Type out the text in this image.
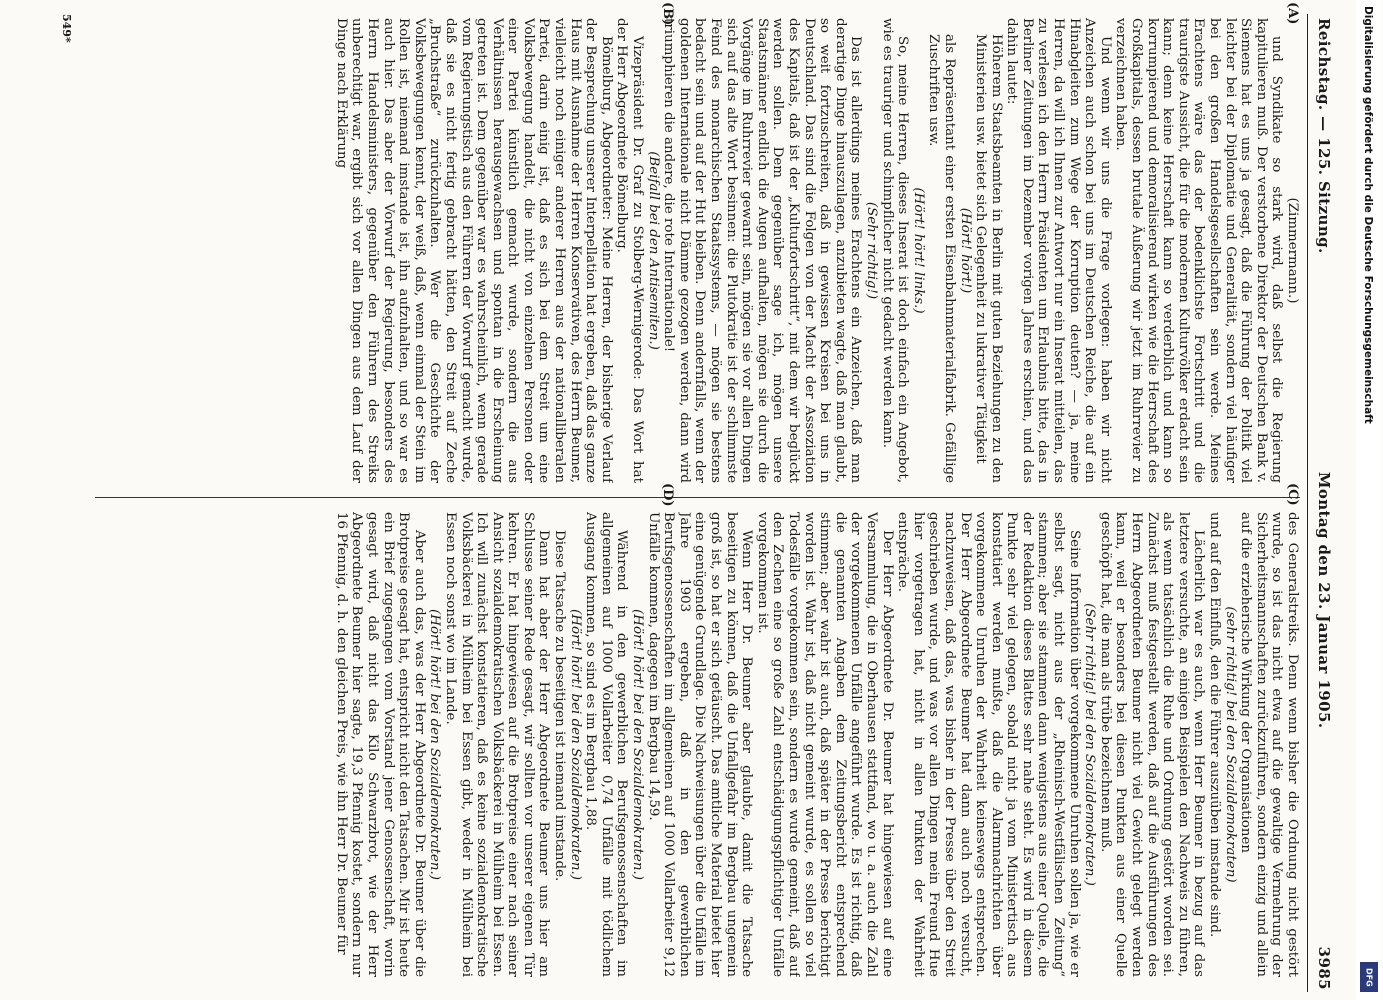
Reichstag. — 125. Sitzung.
Montag den 23. Januar 1905.
3985

(Zimmermann.)

und Syndikate so stark wird, daß selbst die Regierung kapitulieren muß. Der verstorbene Direktor der Deutschen Bank v. Siemens hat es uns ja gesagt, daß die Führung der Politik viel leichter bei der Diplomatie und Generalität, sondern viel häufiger bei den großen Handelsgesellschaften sein werde. Meines Erachtens wäre das der bedenklichste Fortschritt und die traurigste Aussicht, die für die modernen Kulturvölker erdacht sein kann; denn keine Herrschaft kann so verderblich und kann so korrumpierend und demoralisierend wirken wie die Herrschaft des Großkapitals, dessen brutale Äußerung wir jetzt im Ruhrrevier zu verzeichnen haben.

Und wenn wir uns die Frage vorlegen: haben wir nicht Anzeichen auch schon bei uns im Deutschen Reiche, die auf ein Hinabgleiten zum Wege der Korruption deuten? — ja, meine Herren, da will ich Ihnen zur Antwort nur ein Inserat mitteilen, das zu verlesen ich den Herrn Präsidenten um Erlaubnis bitte, das in Berliner Zeitungen im Dezember vorigen Jahres erschien, und das dahin lautet:

Höherem Staatsbeamten in Berlin mit guten Beziehungen zu den Ministerien usw. bietet sich Gelegenheit zu lukrativer Tätigkeit

(Hört! hört!)

als Repräsentant einer ersten Eisenbahnmaterialfabrik. Gefällige Zuschriften usw.

(Hört! hört! links.)

So, meine Herren, dieses Inserat ist doch einfach ein Angebot, wie es trauriger und schimpflicher nicht gedacht werden kann.

(Sehr richtig!)

Das ist allerdings meines Erachtens ein Anzeichen, daß man derartige Dinge hinauszulagen, anzubieten wagte, daß man glaubt, so weit fortzuschreiten, daß in gewissen Kreisen bei uns in Deutschland. Das sind die Folgen von der Macht der Assoziation des Kapitals, daß ist der „Kulturfortschritt“, mit dem wir beglückt werden sollen. Dem gegenüber sage ich, mögen unsere Staatsmänner endlich die Augen aufhalten, mögen sie durch die Vorgänge im Ruhrrevier gewarnt sein, mögen sie vor allen Dingen sich auf das alte Wort besinnen: die Plutokratie ist der schlimmste Feind des monarchischen Staatssystems, — mögen sie bestens bedacht sein und auf der Hut bleiben. Denn andernfalls, wenn der goldenen Internationale nicht Dämme gezogen werden, dann wird triumphieren die andere, die rote Internationale!

(Beifall bei den Antisemiten.)

Vizepräsident Dr. Graf zu Stolberg-Wernigerode: Das Wort hat der Herr Abgeordnete Bömelburg.

Bömelburg, Abgeordneter: Meine Herren, der bisherige Verlauf der Besprechung unserer Interpellation hat ergeben, daß das ganze Haus mit Ausnahme der Herren Konservativen, des Herrn Beumer, vielleicht noch einiger anderer Herren aus der nationalliberalen Partei, darin einig ist, daß es sich bei dem Streit um eine Volksbewegung handelt, die nicht von einzelnen Personen oder einer Partei künstlich gemacht wurde, sondern die aus Verhältnissen herausgewachsen und spontan in die Erscheinung getreten ist. Dem gegenüber war es wahrscheinlich, wenn gerade vom Regierungstisch aus den Führern der Vorwurf gemacht wurde, daß sie es nicht fertig gebracht hätten, den Streit auf Zeche „Bruchstraße“ zurückzuhalten. Wer die Geschichte der Volksbewegungen kennt, der weiß, daß, wenn einmal der Stein im Rollen ist, niemand imstande ist, ihn aufzuhalten, und so war es auch hier. Das aber der Vorwurf der Regierung, besonders des Herrn Handelsministers, gegenüber den Führern des Streiks unberechtigt war, ergibt sich vor allen Dingen aus dem Lauf der Dinge nach Erklärung

des Generalstreiks. Denn wenn bisher die Ordnung nicht gestört wurde, so ist das nicht etwa auf die gewaltige Vermehrung der Sicherheitsmannschaften zurückzuführen, sondern einzig und allein auf die erzieherische Wirkung der Organisationen

(sehr richtig! bei den Sozialdemokraten)

und auf den Einfluß, den die Führer auszuüben imstande sind.

Lächerlich war es auch, wenn Herr Beumer in bezug auf das letztere versuchte, an einigen Beispielen den Nachweis zu führen, als wenn tatsächlich die Ruhe und Ordnung gestört worden sei. Zunächst muß festgestellt werden, daß auf die Ausführungen des Herrn Abgeordneten Beumer nicht viel Gewicht gelegt werden kann, weil er besonders bei diesen Punkten aus einer Quelle geschöpft hat, die man als trübe bezeichnen muß.

(Sehr richtig! bei den Sozialdemokraten.)

Seine Information über vorgekommene Unruhen sollen ja, wie er selbst sagt, nicht aus der „Rheinisch-Westfälischen Zeitung“ stammen; aber sie stammen dann wenigstens aus einer Quelle, die der Redaktion dieses Blattes sehr nahe steht. Es wird in diesem Punkte sehr viel gelogen, sobald nicht ja vom Ministertisch aus konstatiert werden mußte, daß die Alarmnachrichten über vorgekommene Unruhen der Wahrheit keineswegs entsprechen. Der Herr Abgeordnete Beumer hat dann auch noch versucht, nachzuweisen, daß das, was bisher in der Presse über den Streit geschrieben wurde, und was vor allen Dingen mein Freund Hue hier vorgetragen hat, nicht in allen Punkten der Wahrheit entspräche.

Der Herr Abgeordnete Dr. Beumer hat hingewiesen auf eine Versammlung, die in Oberhausen stattfand, wo u. a. auch die Zahl der vorgekommenen Unfälle angeführt wurde. Es ist richtig, daß die genannten Angaben dem Zeitungsbericht entsprechend stimmen; aber wahr ist auch, daß später in der Presse berichtigt worden ist. Wahr ist, daß nicht gemeint wurde, es sollen so viel Todesfälle vorgekommen sein, sondern es wurde gemeint, daß auf den Zechen eine so große Zahl entschädigungspflichtiger Unfälle vorgekommen ist.

Wenn Herr Dr. Beumer aber glaubte, damit die Tatsache beseitigen zu können, daß die Unfallgefahr im Bergbau ungemein groß ist, so hat er sich getäuscht. Das amtliche Material bietet hier eine genügende Grundlage. Die Nachweisungen über die Unfälle im Jahre 1903 ergeben, daß in den gewerblichen Berufsgenossenschaften im allgemeinen auf 1000 Vollarbeiter 9,12 Unfälle kommen, dagegen im Bergbau 14,59.

(Hört! hört! bei den Sozialdemokraten.)

Während in den gewerblichen Berufsgenossenschaften im allgemeinen auf 1000 Vollarbeiter 0,74 Unfälle mit tödlichem Ausgang kommen, so sind es im Bergbau 1,88.

(Hört! hört! bei den Sozialdemokraten.)

Diese Tatsache zu beseitigen ist niemand imstande.

Dann hat aber der Herr Abgeordnete Beumer uns hier am Schlusse seiner Rede gesagt, wir sollten vor unserer eigenen Tür kehren. Er hat hingewiesen auf die Brotpreise einer nach seiner Ansicht sozialdemokratischen Volksbäckerei in Mülheim bei Essen. Ich will zunächst konstatieren, daß es keine sozialdemokratische Volksbäckerei in Mülheim bei Essen gibt, weder in Mülheim bei Essen noch sonst wo im Lande.

(Hört! hört! bei den Sozialdemokraten.)

Aber auch das, was der Herr Abgeordnete Dr. Beumer über die Brotpreise gesagt hat, entspricht nicht den Tatsachen. Mir ist heute ein Brief zugegangen vom Vorstand jener Genossenschaft, worin gesagt wird, daß nicht das Kilo Schwarzbrot, wie der Herr Abgeordnete Beumer hier sagte, 19,3 Pfennig kostet, sondern nur 16 Pfennig, d. h. den gleichen Preis, wie ihn Herr Dr. Beumer für

(A)
(C)
(B)
(D)
549*	Digitalisierung gefördert durch die Deutsche Forschungsgemeinschaft
DFG
